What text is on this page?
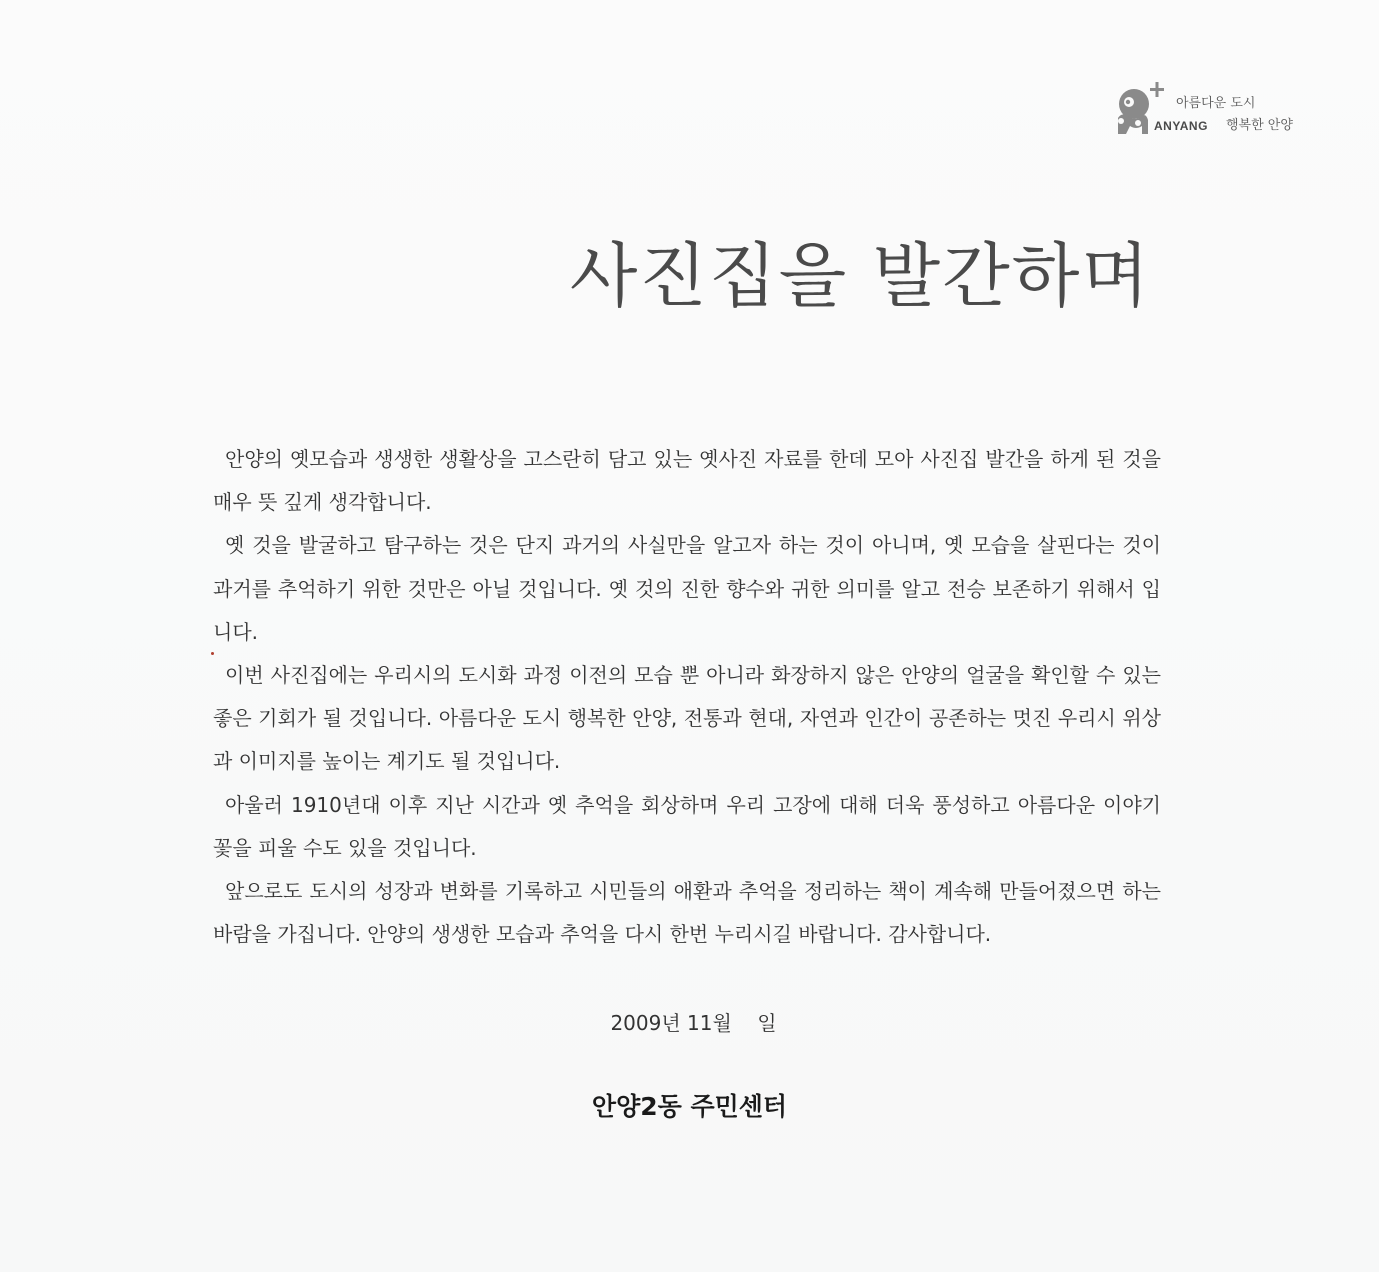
ANYANG
아름다운 도시
행복한 안양
사진집을 발간하며

안양의 옛모습과 생생한 생활상을 고스란히 담고 있는 옛사진 자료를 한데 모아 사진집 발간을 하게 된 것을 매우 뜻 깊게 생각합니다.

옛 것을 발굴하고 탐구하는 것은 단지 과거의 사실만을 알고자 하는 것이 아니며, 옛 모습을 살핀다는 것이 과거를 추억하기 위한 것만은 아닐 것입니다. 옛 것의 진한 향수와 귀한 의미를 알고 전승 보존하기 위해서 입니다.

이번 사진집에는 우리시의 도시화 과정 이전의 모습 뿐 아니라 화장하지 않은 안양의 얼굴을 확인할 수 있는 좋은 기회가 될 것입니다. 아름다운 도시 행복한 안양, 전통과 현대, 자연과 인간이 공존하는 멋진 우리시 위상과 이미지를 높이는 계기도 될 것입니다.

아울러 1910년대 이후 지난 시간과 옛 추억을 회상하며 우리 고장에 대해 더욱 풍성하고 아름다운 이야기 꽃을 피울 수도 있을 것입니다.

앞으로도 도시의 성장과 변화를 기록하고 시민들의 애환과 추억을 정리하는 책이 계속해 만들어졌으면 하는 바람을 가집니다. 안양의 생생한 모습과 추억을 다시 한번 누리시길 바랍니다. 감사합니다.

2009년 11월    일
안양2동 주민센터
